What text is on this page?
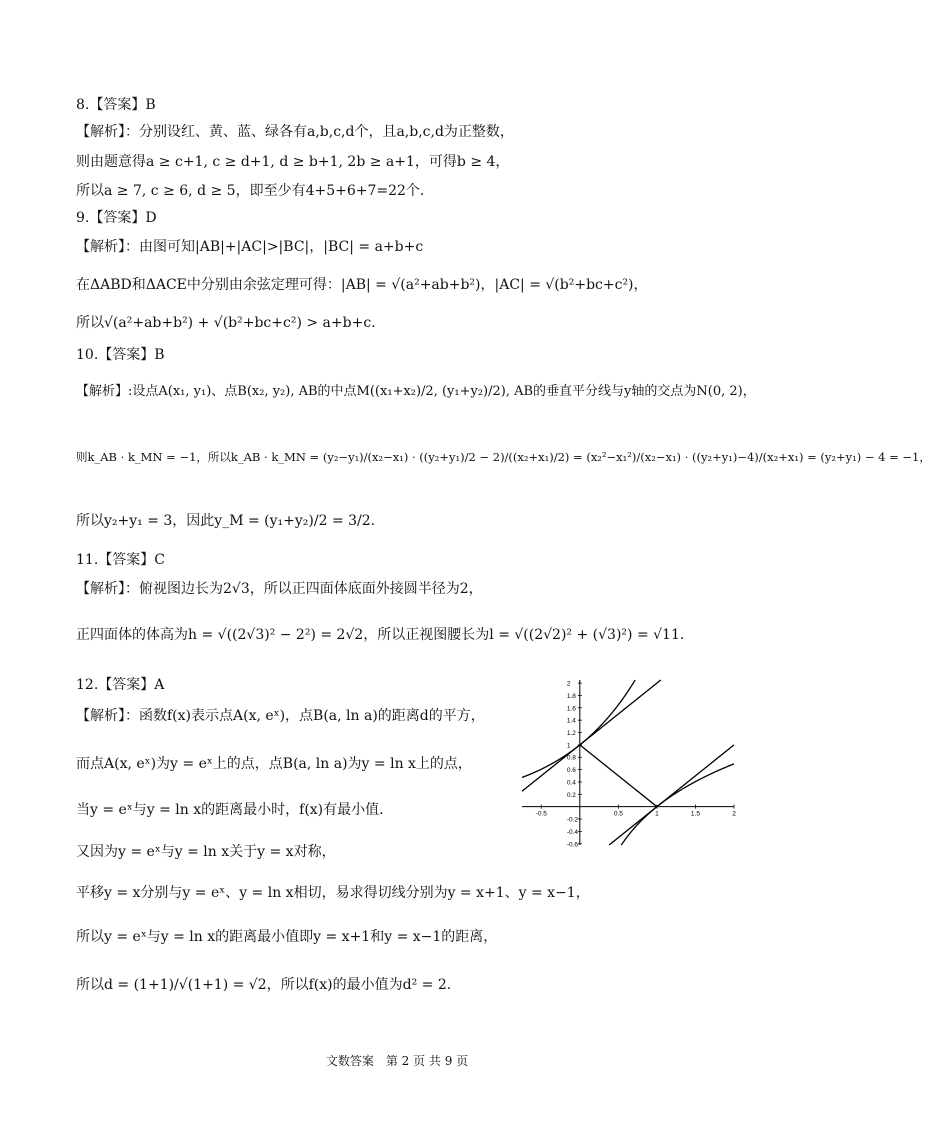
8.【答案】B
【解析】：分别设红、黄、蓝、绿各有a,b,c,d个，且a,b,c,d为正整数，
则由题意得a ≥ c+1, c ≥ d+1, d ≥ b+1, 2b ≥ a+1，可得b ≥ 4，
所以a ≥ 7, c ≥ 6, d ≥ 5，即至少有4+5+6+7=22个.
9.【答案】D
【解析】：由图可知|AB|+|AC|>|BC|，|BC| = a+b+c
在ΔABD和ΔACE中分别由余弦定理可得：|AB| = √(a²+ab+b²)，|AC| = √(b²+bc+c²)，
所以√(a²+ab+b²) + √(b²+bc+c²) > a+b+c.
10.【答案】B
【解析】:设点A(x₁, y₁)、点B(x₂, y₂), AB的中点M((x₁+x₂)/2, (y₁+y₂)/2), AB的垂直平分线与y轴的交点为N(0, 2)，
则k_AB · k_MN = −1，所以k_AB · k_MN = (y₂−y₁)/(x₂−x₁) · ((y₂+y₁)/2 − 2)/((x₂+x₁)/2) = (x₂²−x₁²)/(x₂−x₁) · ((y₂+y₁)−4)/(x₂+x₁) = (y₂+y₁) − 4 = −1，
所以y₂+y₁ = 3，因此y_M = (y₁+y₂)/2 = 3/2.
11.【答案】C
【解析】：俯视图边长为2√3，所以正四面体底面外接圆半径为2，
正四面体的体高为h = √((2√3)² − 2²) = 2√2，所以正视图腰长为l = √((2√2)² + (√3)²) = √11.
12.【答案】A
【解析】：函数f(x)表示点A(x, eˣ)，点B(a, ln a)的距离d的平方，
而点A(x, eˣ)为y = eˣ上的点，点B(a, ln a)为y = ln x上的点，
当y = eˣ与y = ln x的距离最小时，f(x)有最小值.
又因为y = eˣ与y = ln x关于y = x对称，
平移y = x分别与y = eˣ、y = ln x相切，易求得切线分别为y = x+1、y = x−1，
所以y = eˣ与y = ln x的距离最小值即y = x+1和y = x−1的距离，
所以d = (1+1)/√(1+1) = √2，所以f(x)的最小值为d² = 2.
-0.5	0.5	1	1.5	2
2
1.8
1.6
1.4
1.2
1
0.8
0.6
0.4
0.2
-0.2
-0.4
-0.6
文数答案　第 2 页 共 9 页
